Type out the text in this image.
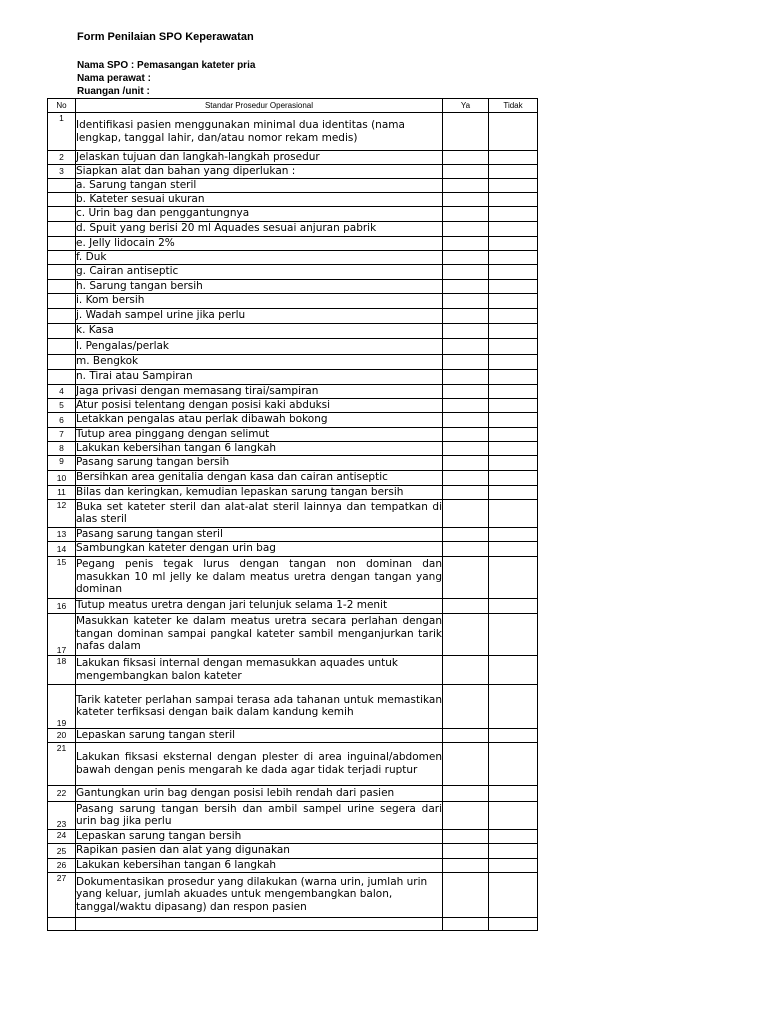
Form Penilaian SPO Keperawatan
Nama SPO : Pemasangan kateter pria
Nama perawat :
Ruangan /unit :
No	Standar Prosedur Operasional	Ya	Tidak
1	Identifikasi pasien menggunakan minimal dua identitas (nama lengkap, tanggal lahir, dan/atau nomor rekam medis)		
2	Jelaskan tujuan dan langkah-langkah prosedur		
3	Siapkan alat dan bahan yang diperlukan :		
	a. Sarung tangan steril		
	b. Kateter sesuai ukuran		
	c. Urin bag dan penggantungnya		
	d. Spuit yang berisi 20 ml Aquades sesuai anjuran pabrik		
	e. Jelly lidocain 2%		
	f. Duk		
	g. Cairan antiseptic		
	h. Sarung tangan bersih		
	i. Kom bersih		
	j. Wadah sampel urine jika perlu		
	k. Kasa		
	l. Pengalas/perlak		
	m. Bengkok		
	n. Tirai atau Sampiran		
4	Jaga privasi dengan memasang tirai/sampiran		
5	Atur posisi telentang dengan posisi kaki abduksi		
6	Letakkan pengalas atau perlak dibawah bokong		
7	Tutup area pinggang dengan selimut		
8	Lakukan kebersihan tangan 6 langkah		
9	Pasang sarung tangan bersih		
10	Bersihkan area genitalia dengan kasa dan cairan antiseptic		
11	Bilas dan keringkan, kemudian lepaskan sarung tangan bersih		
12	Buka set kateter steril dan alat-alat steril lainnya dan tempatkan di alas steril		
13	Pasang sarung tangan steril		
14	Sambungkan kateter dengan urin bag		
15	Pegang penis tegak lurus dengan tangan non dominan dan masukkan 10 ml jelly ke dalam meatus uretra dengan tangan yang dominan		
16	Tutup meatus uretra dengan jari telunjuk selama 1-2 menit		
17	Masukkan kateter ke dalam meatus uretra secara perlahan dengan tangan dominan sampai pangkal kateter sambil menganjurkan tarik nafas dalam		
18	Lakukan fiksasi internal dengan memasukkan aquades untuk mengembangkan balon kateter		
19	Tarik kateter perlahan sampai terasa ada tahanan untuk memastikan kateter terfiksasi dengan baik dalam kandung kemih		
20	Lepaskan sarung tangan steril		
21	Lakukan fiksasi eksternal dengan plester di area inguinal/abdomen bawah dengan penis mengarah ke dada agar tidak terjadi ruptur		
22	Gantungkan urin bag dengan posisi lebih rendah dari pasien		
23	Pasang sarung tangan bersih dan ambil sampel urine segera dari urin bag jika perlu		
24	Lepaskan sarung tangan bersih		
25	Rapikan pasien dan alat yang digunakan		
26	Lakukan kebersihan tangan 6 langkah		
27	Dokumentasikan prosedur yang dilakukan (warna urin, jumlah urin yang keluar, jumlah akuades untuk mengembangkan balon, tanggal/waktu dipasang) dan respon pasien		
